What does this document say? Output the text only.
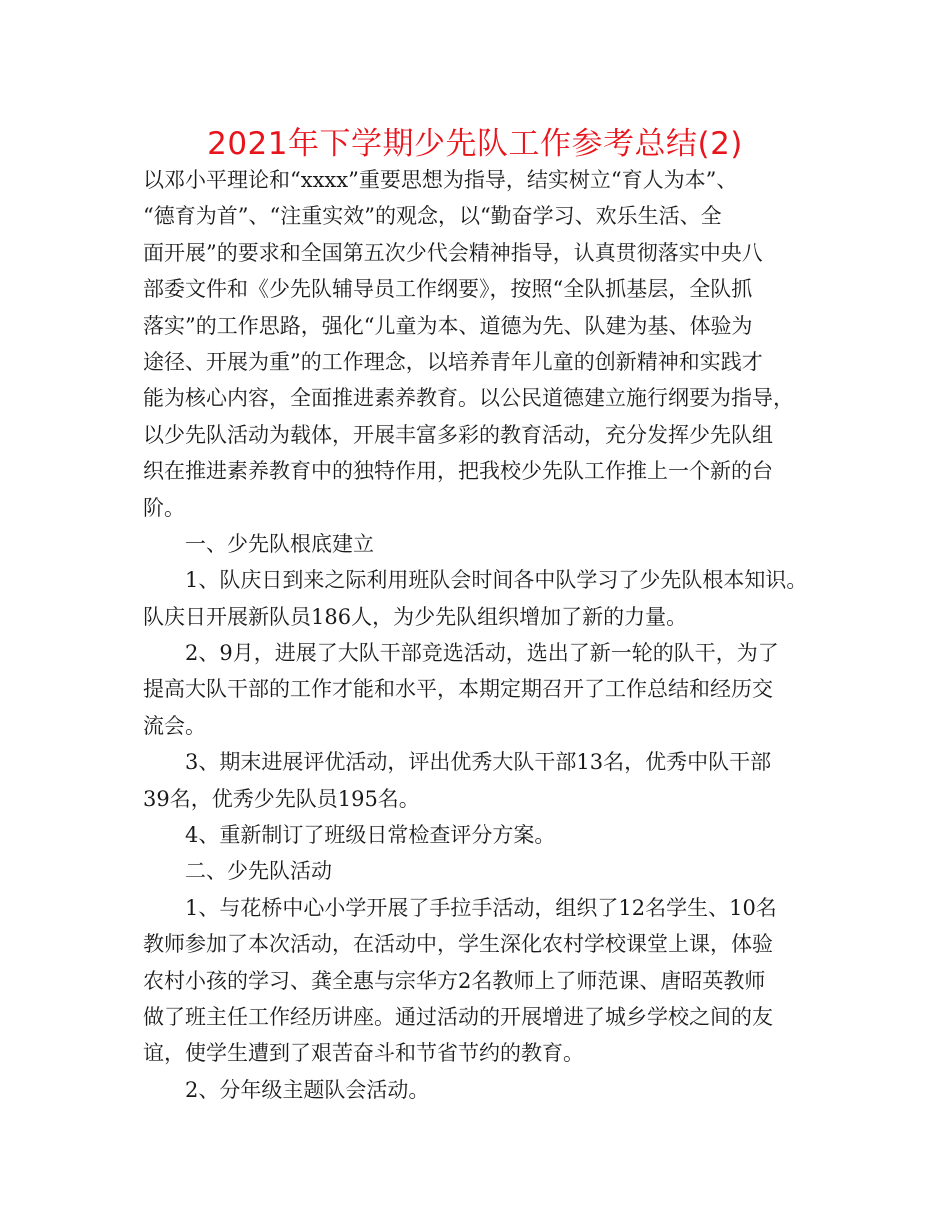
2021年下学期少先队工作参考总结(2)
以邓小平理论和“xxxx”重要思想为指导，结实树立“育人为本”、
“德育为首”、“注重实效”的观念，以“勤奋学习、欢乐生活、全
面开展”的要求和全国第五次少代会精神指导，认真贯彻落实中央八
部委文件和《少先队辅导员工作纲要》，按照“全队抓基层，全队抓
落实”的工作思路，强化“儿童为本、道德为先、队建为基、体验为
途径、开展为重”的工作理念，以培养青年儿童的创新精神和实践才
能为核心内容，全面推进素养教育。以公民道德建立施行纲要为指导，
以少先队活动为载体，开展丰富多彩的教育活动，充分发挥少先队组
织在推进素养教育中的独特作用，把我校少先队工作推上一个新的台
阶。
一、少先队根底建立
1、队庆日到来之际利用班队会时间各中队学习了少先队根本知识。
队庆日开展新队员186人，为少先队组织增加了新的力量。
2、9月，进展了大队干部竞选活动，选出了新一轮的队干，为了
提高大队干部的工作才能和水平，本期定期召开了工作总结和经历交
流会。
3、期末进展评优活动，评出优秀大队干部13名，优秀中队干部
39名，优秀少先队员195名。
4、重新制订了班级日常检查评分方案。
二、少先队活动
1、与花桥中心小学开展了手拉手活动，组织了12名学生、10名
教师参加了本次活动，在活动中，学生深化农村学校课堂上课，体验
农村小孩的学习、龚全惠与宗华方2名教师上了师范课、唐昭英教师
做了班主任工作经历讲座。通过活动的开展增进了城乡学校之间的友
谊，使学生遭到了艰苦奋斗和节省节约的教育。
2、分年级主题队会活动。
